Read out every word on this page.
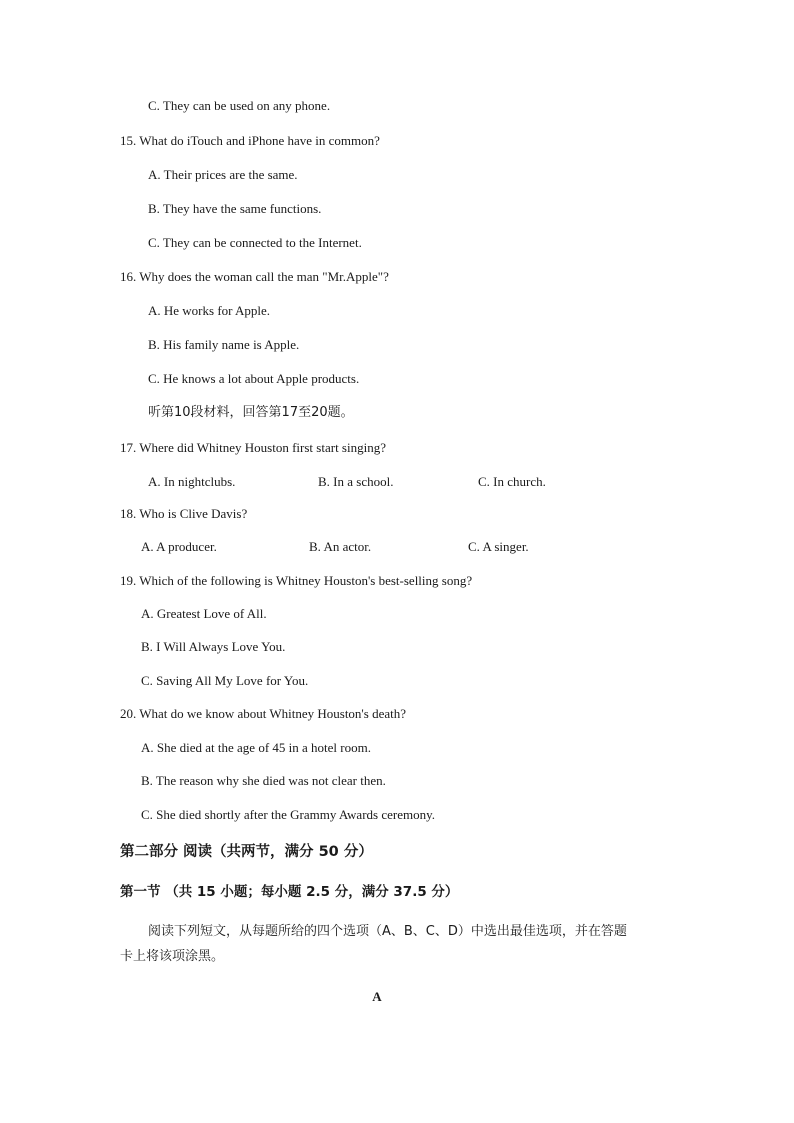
C. They can be used on any phone.
15. What do iTouch and iPhone have in common?
A. Their prices are the same.
B. They have the same functions.
C. They can be connected to the Internet.
16. Why does the woman call the man "Mr.Apple"?
A. He works for Apple.
B. His family name is Apple.
C. He knows a lot about Apple products.
听第10段材料，回答第17至20题。
17. Where did Whitney Houston first start singing?
A. In nightclubs.	B. In a school.	C. In church.
18. Who is Clive Davis?
A. A producer.	B. An actor.	C. A singer.
19. Which of the following is Whitney Houston's best-selling song?
A. Greatest Love of All.
B. I Will Always Love You.
C. Saving All My Love for You.
20. What do we know about Whitney Houston's death?
A. She died at the age of 45 in a hotel room.
B. The reason why she died was not clear then.
C. She died shortly after the Grammy Awards ceremony.
第二部分 阅读（共两节，满分 50 分）
第一节 （共 15 小题；每小题 2.5 分，满分 37.5 分）
阅读下列短文，从每题所给的四个选项（A、B、C、D）中选出最佳选项，并在答题
卡上将该项涂黑。
A
